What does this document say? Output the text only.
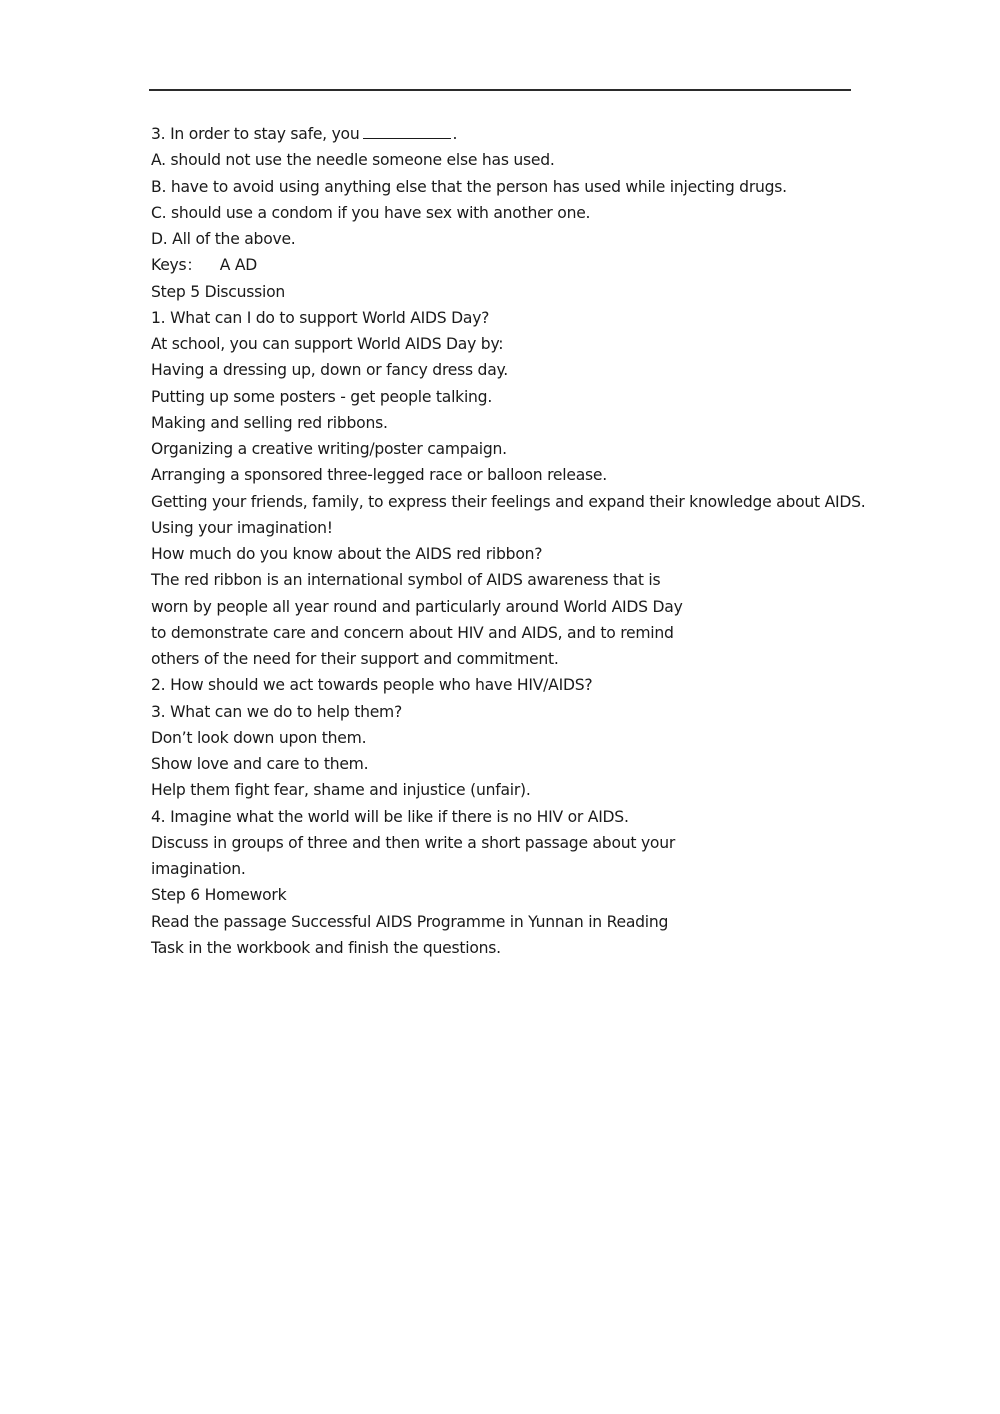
3. In order to stay safe, you	.
A. should not use the needle someone else has used.
B. have to avoid using anything else that the person has used while injecting drugs.
C. should use a condom if you have sex with another one.
D. All of the above.
Keys： A AD
Step 5 Discussion
1. What can I do to support World AIDS Day?
At school, you can support World AIDS Day by:
Having a dressing up, down or fancy dress day.
Putting up some posters - get people talking.
Making and selling red ribbons.
Organizing a creative writing/poster campaign.
Arranging a sponsored three-legged race or balloon release.
Getting your friends, family, to express their feelings and expand their knowledge about AIDS.
Using your imagination!
How much do you know about the AIDS red ribbon?
The red ribbon is an international symbol of AIDS awareness that is
worn by people all year round and particularly around World AIDS Day
to demonstrate care and concern about HIV and AIDS, and to remind
others of the need for their support and commitment.
2. How should we act towards people who have HIV/AIDS?
3. What can we do to help them?
Don’t look down upon them.
Show love and care to them.
Help them fight fear, shame and injustice (unfair).
4. Imagine what the world will be like if there is no HIV or AIDS.
Discuss in groups of three and then write a short passage about your
imagination.
Step 6 Homework
Read the passage Successful AIDS Programme in Yunnan in Reading
Task in the workbook and finish the questions.
